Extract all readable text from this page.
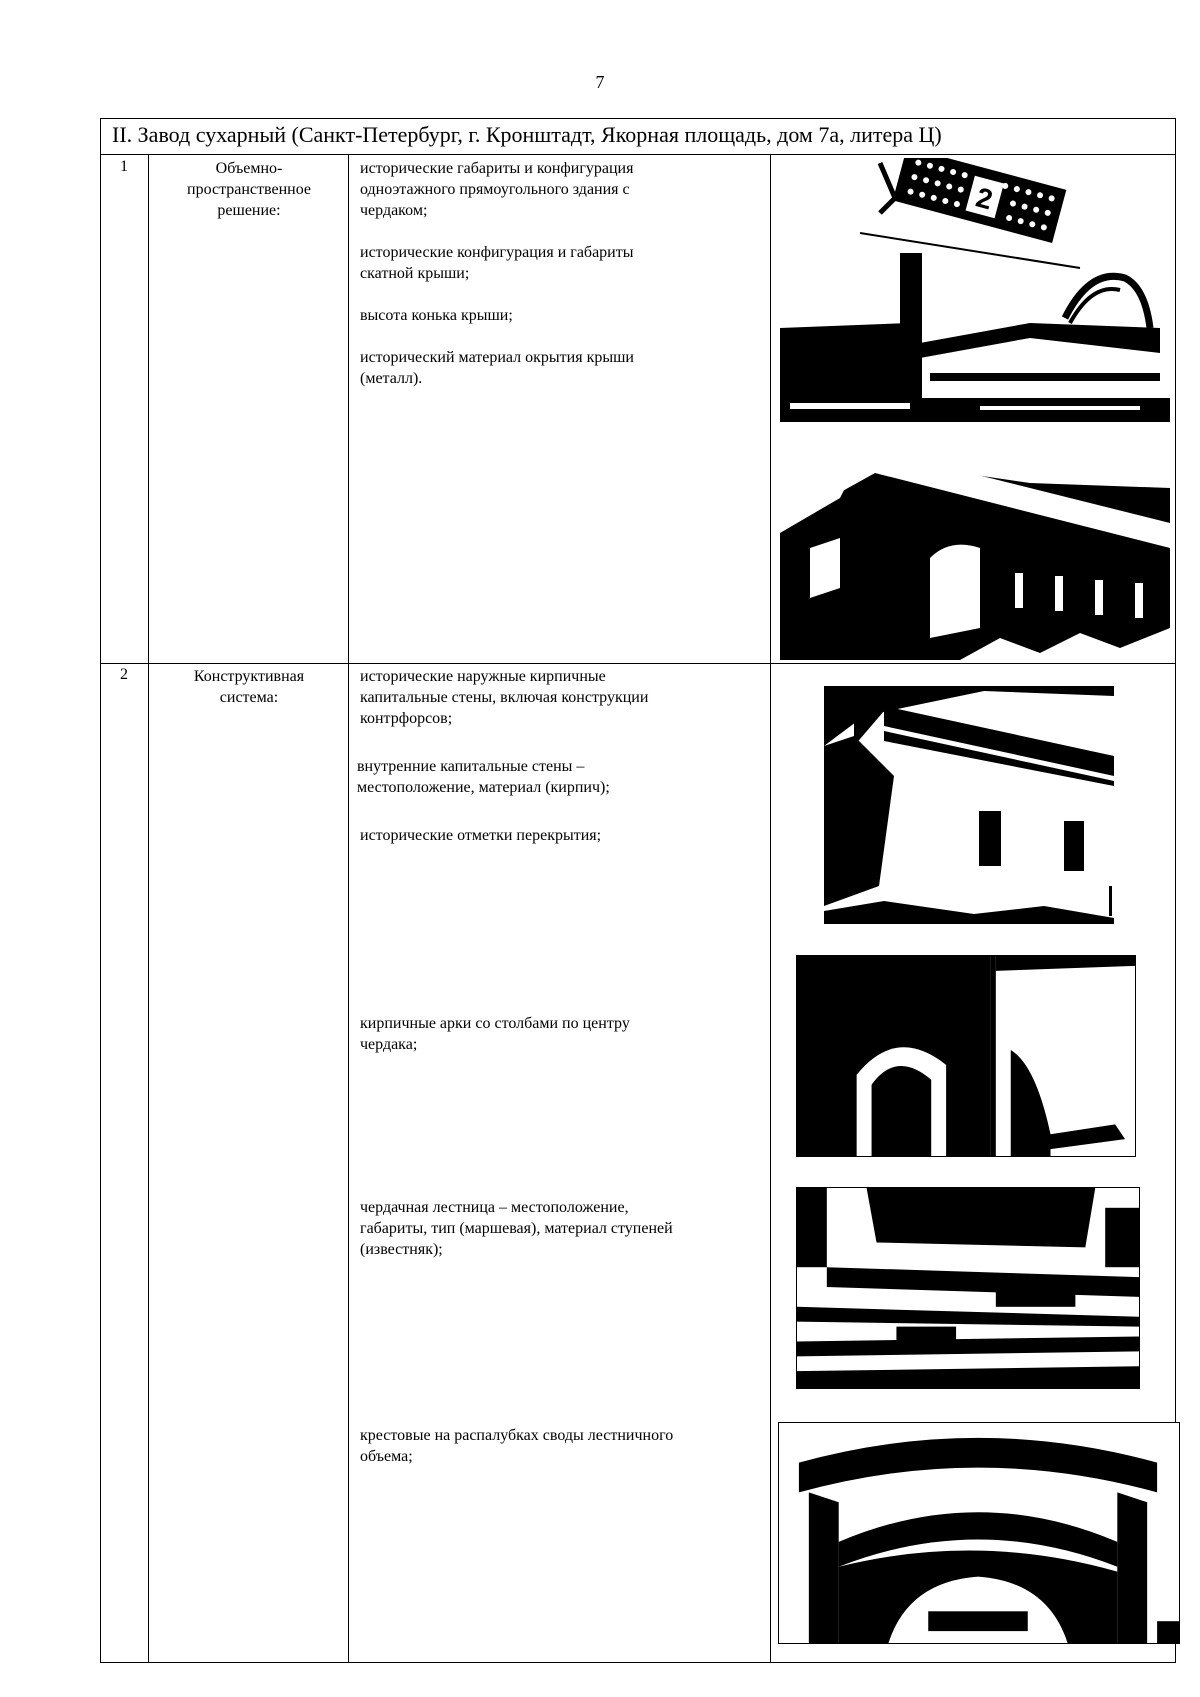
7
II. Завод сухарный (Санкт-Петербург, г. Кронштадт, Якорная площадь, дом 7а, литера Ц)
1	Объемно-
пространственное
решение:
исторические габариты и конфигурация
одноэтажного прямоугольного здания с
чердаком;
исторические конфигурация и габариты
скатной крыши;
высота конька крыши;
исторический материал окрытия крыши
(металл).
2
2	Конструктивная
система:
исторические наружные кирпичные
капитальные стены, включая конструкции
контрфорсов;
внутренние капитальные стены –
местоположение, материал (кирпич);
исторические отметки перекрытия;
кирпичные арки со столбами по центру
чердака;
чердачная лестница – местоположение,
габариты, тип (маршевая), материал ступеней
(известняк);
крестовые на распалубках своды лестничного
объема;
